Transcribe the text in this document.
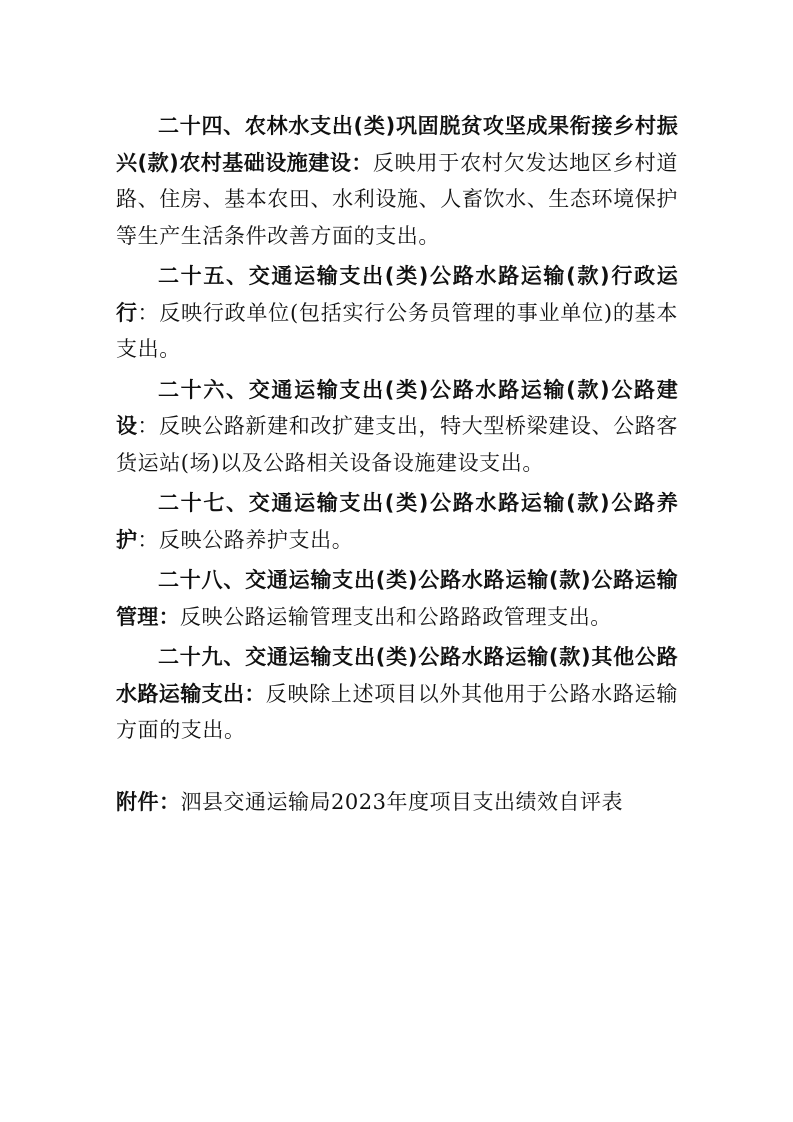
二十四、农林水支出(类)巩固脱贫攻坚成果衔接乡村振兴(款)农村基础设施建设：反映用于农村欠发达地区乡村道路、住房、基本农田、水利设施、人畜饮水、生态环境保护等生产生活条件改善方面的支出。

二十五、交通运输支出(类)公路水路运输(款)行政运行：反映行政单位(包括实行公务员管理的事业单位)的基本支出。

二十六、交通运输支出(类)公路水路运输(款)公路建设：反映公路新建和改扩建支出，特大型桥梁建设、公路客货运站(场)以及公路相关设备设施建设支出。

二十七、交通运输支出(类)公路水路运输(款)公路养护：反映公路养护支出。

二十八、交通运输支出(类)公路水路运输(款)公路运输管理：反映公路运输管理支出和公路路政管理支出。

二十九、交通运输支出(类)公路水路运输(款)其他公路水路运输支出：反映除上述项目以外其他用于公路水路运输方面的支出。

附件：泗县交通运输局2023年度项目支出绩效自评表
